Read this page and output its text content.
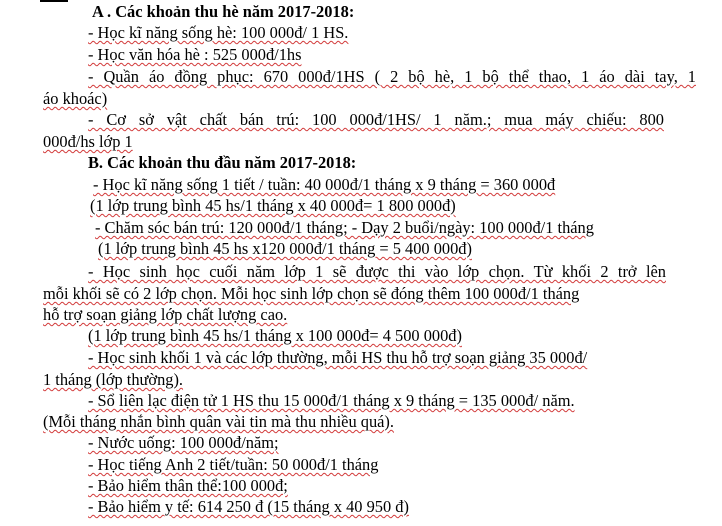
A . Các khoản thu hè năm 2017-2018:
- Học kĩ năng sống hè: 100 000đ/ 1 HS.
- Học văn hóa hè : 525 000đ/1hs
- Quần áo đồng phục: 670 000đ/1HS ( 2 bộ hè, 1 bộ thể thao, 1 áo dài tay, 1
áo khoác)
- Cơ sở vật chất bán trú: 100 000đ/1HS/ 1 năm.; mua máy chiếu: 800
000đ/hs lớp 1
B. Các khoản thu đầu năm 2017-2018:
- Học kĩ năng sống 1 tiết / tuần: 40 000đ/1 tháng x 9 tháng = 360 000đ
(1 lớp trung bình 45 hs/1 tháng x 40 000đ= 1 800 000đ)
- Chăm sóc bán trú: 120 000đ/1 tháng; - Dạy 2 buổi/ngày: 100 000đ/1 tháng
(1 lớp trung bình 45 hs x120 000đ/1 tháng = 5 400 000đ)
- Học sinh học cuối năm lớp 1 sẽ được thi vào lớp chọn. Từ khối 2 trở lên
mỗi khối sẽ có 2 lớp chọn. Mỗi học sinh lớp chọn sẽ đóng thêm 100 000đ/1 tháng
hỗ trợ soạn giảng lớp chất lượng cao.
(1 lớp trung bình 45 hs/1 tháng x 100 000đ= 4 500 000đ)
- Học sinh khối 1 và các lớp thường, mỗi HS thu hỗ trợ soạn giảng 35 000đ/
1 tháng (lớp thường).
- Sổ liên lạc điện tử 1 HS thu 15 000đ/1 tháng x 9 tháng = 135 000đ/ năm.
(Mỗi tháng nhắn bình quân vài tin mà thu nhiều quá).
- Nước uống: 100 000đ/năm;
- Học tiếng Anh 2 tiết/tuần: 50 000đ/1 tháng
- Bảo hiểm thân thể:100 000đ;
- Bảo hiểm y tế: 614 250 đ (15 tháng x 40 950 đ)
